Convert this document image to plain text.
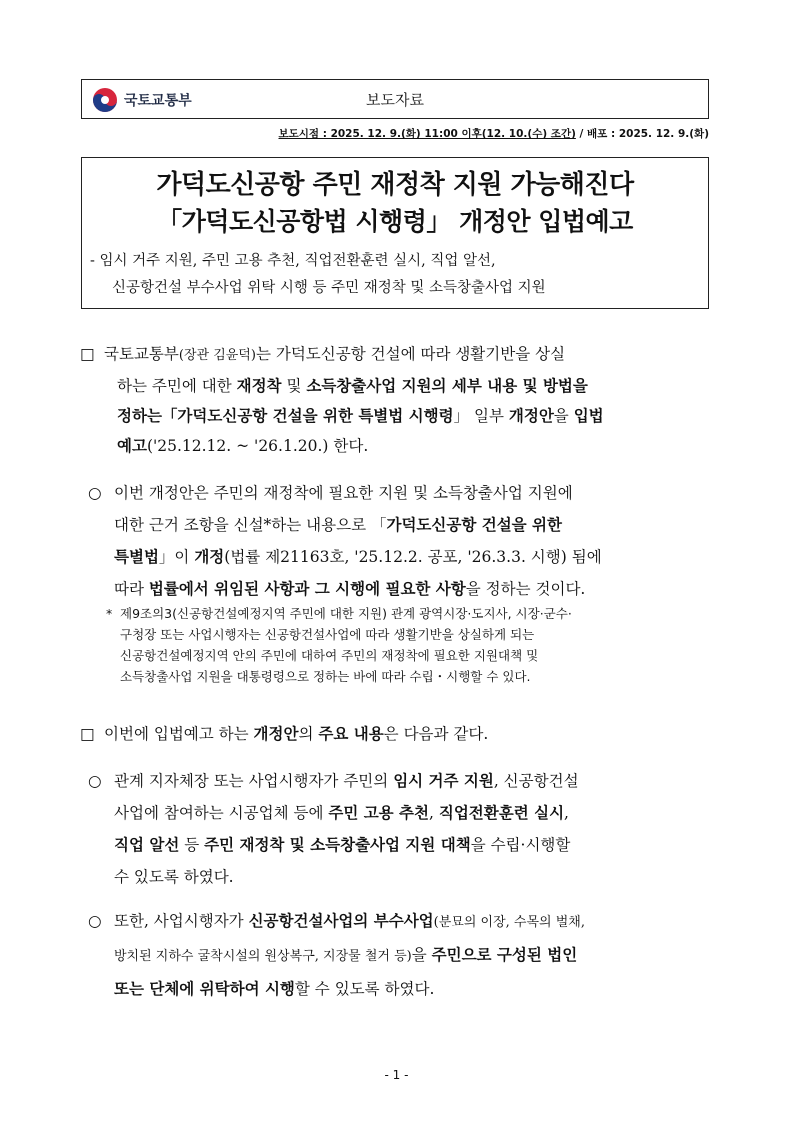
국토교통부	보도자료
보도시점 : 2025. 12. 9.(화) 11:00 이후(12. 10.(수) 조간) / 배포 : 2025. 12. 9.(화)
가덕도신공항 주민 재정착 지원 가능해진다
「가덕도신공항법 시행령」 개정안 입법예고
- 임시 거주 지원, 주민 고용 추천, 직업전환훈련 실시, 직업 알선,
신공항건설 부수사업 위탁 시행 등 주민 재정착 및 소득창출사업 지원
□ 국토교통부(장관 김윤덕)는 가덕도신공항 건설에 따라 생활기반을 상실
하는 주민에 대한 재정착 및 소득창출사업 지원의 세부 내용 및 방법을
정하는「가덕도신공항 건설을 위한 특별법 시행령」 일부 개정안을 입법
예고('25.12.12. ~ '26.1.20.) 한다.
○ 이번 개정안은 주민의 재정착에 필요한 지원 및 소득창출사업 지원에
대한 근거 조항을 신설*하는 내용으로 「가덕도신공항 건설을 위한
특별법」이 개정(법률 제21163호, '25.12.2. 공포, '26.3.3. 시행) 됨에
따라 법률에서 위임된 사항과 그 시행에 필요한 사항을 정하는 것이다.
* 제9조의3(신공항건설예정지역 주민에 대한 지원) 관계 광역시장·도지사, 시장·군수·
구청장 또는 사업시행자는 신공항건설사업에 따라 생활기반을 상실하게 되는
신공항건설예정지역 안의 주민에 대하여 주민의 재정착에 필요한 지원대책 및
소득창출사업 지원을 대통령령으로 정하는 바에 따라 수립・시행할 수 있다.
□ 이번에 입법예고 하는 개정안의 주요 내용은 다음과 같다.
○ 관계 지자체장 또는 사업시행자가 주민의 임시 거주 지원, 신공항건설
사업에 참여하는 시공업체 등에 주민 고용 추천, 직업전환훈련 실시,
직업 알선 등 주민 재정착 및 소득창출사업 지원 대책을 수립·시행할
수 있도록 하였다.
○ 또한, 사업시행자가 신공항건설사업의 부수사업(분묘의 이장, 수목의 벌채,
방치된 지하수 굴착시설의 원상복구, 지장물 철거 등)을 주민으로 구성된 법인
또는 단체에 위탁하여 시행할 수 있도록 하였다.
- 1 -
